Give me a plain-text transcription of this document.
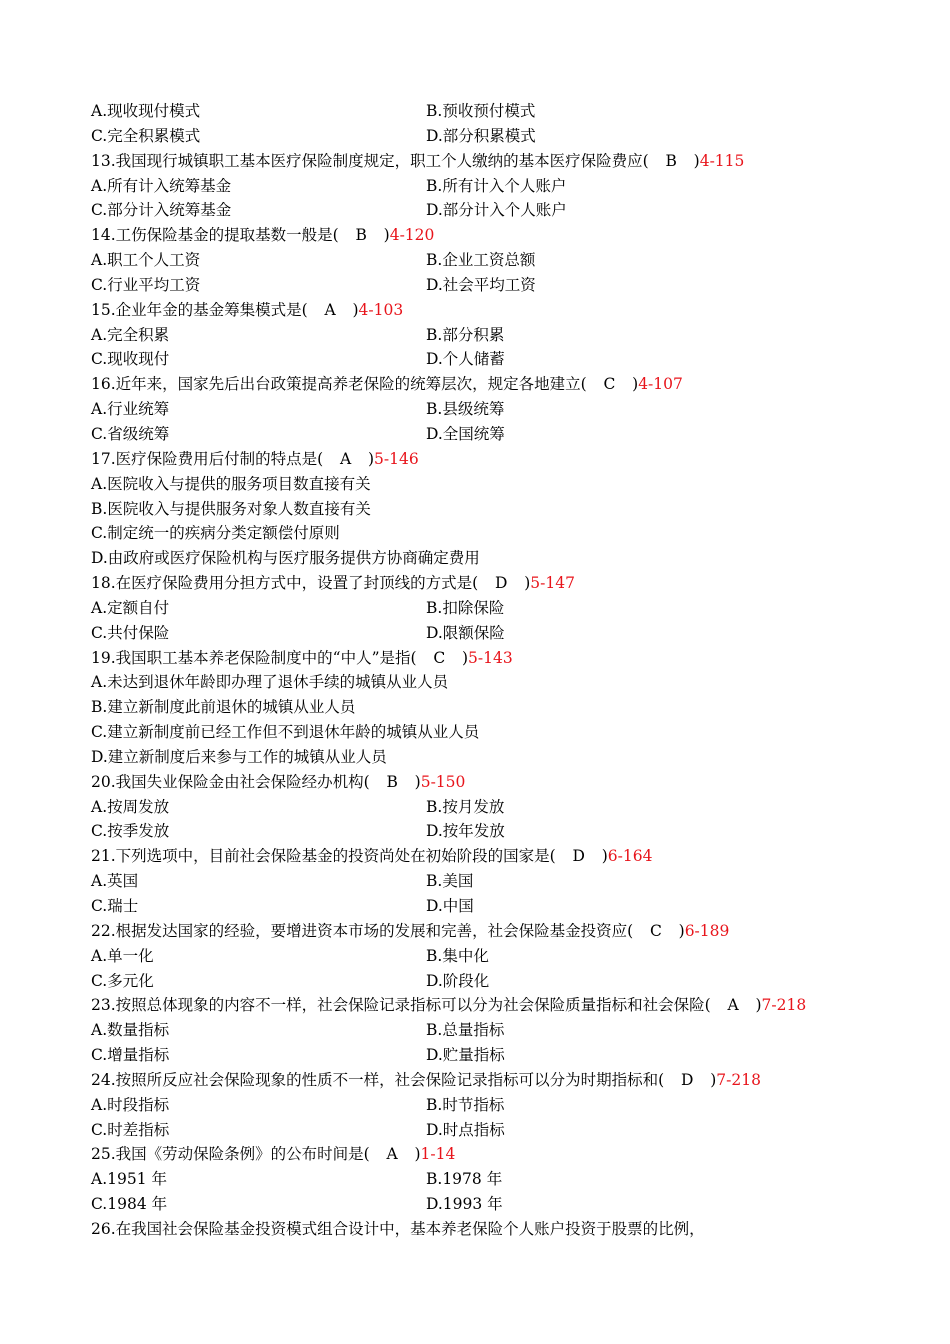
A.现收现付模式	B.预收预付模式
C.完全积累模式	D.部分积累模式
13.我国现行城镇职工基本医疗保险制度规定，职工个人缴纳的基本医疗保险费应( B   )4-115
A.所有计入统筹基金	B.所有计入个人账户
C.部分计入统筹基金	D.部分计入个人账户
14.工伤保险基金的提取基数一般是( B   )4-120
A.职工个人工资	B.企业工资总额
C.行业平均工资	D.社会平均工资
15.企业年金的基金筹集模式是( A   )4-103
A.完全积累	B.部分积累
C.现收现付	D.个人储蓄
16.近年来，国家先后出台政策提高养老保险的统筹层次，规定各地建立( C   )4-107
A.行业统筹	B.县级统筹
C.省级统筹	D.全国统筹
17.医疗保险费用后付制的特点是( A   )5-146
A.医院收入与提供的服务项目数直接有关
B.医院收入与提供服务对象人数直接有关
C.制定统一的疾病分类定额偿付原则
D.由政府或医疗保险机构与医疗服务提供方协商确定费用
18.在医疗保险费用分担方式中，设置了封顶线的方式是( D   )5-147
A.定额自付	B.扣除保险
C.共付保险	D.限额保险
19.我国职工基本养老保险制度中的“中人”是指( C   )5-143
A.未达到退休年龄即办理了退休手续的城镇从业人员
B.建立新制度此前退休的城镇从业人员
C.建立新制度前已经工作但不到退休年龄的城镇从业人员
D.建立新制度后来参与工作的城镇从业人员
20.我国失业保险金由社会保险经办机构( B   )5-150
A.按周发放	B.按月发放
C.按季发放	D.按年发放
21.下列选项中，目前社会保险基金的投资尚处在初始阶段的国家是( D   )6-164
A.英国	B.美国
C.瑞士	D.中国
22.根据发达国家的经验，要增进资本市场的发展和完善，社会保险基金投资应( C   )6-189
A.单一化	B.集中化
C.多元化	D.阶段化
23.按照总体现象的内容不一样，社会保险记录指标可以分为社会保险质量指标和社会保险( A   )7-218
A.数量指标	B.总量指标
C.增量指标	D.贮量指标
24.按照所反应社会保险现象的性质不一样，社会保险记录指标可以分为时期指标和( D   )7-218
A.时段指标	B.时节指标
C.时差指标	D.时点指标
25.我国《劳动保险条例》的公布时间是( A   )1-14
A.1951 年	B.1978 年
C.1984 年	D.1993 年
26.在我国社会保险基金投资模式组合设计中，基本养老保险个人账户投资于股票的比例，
